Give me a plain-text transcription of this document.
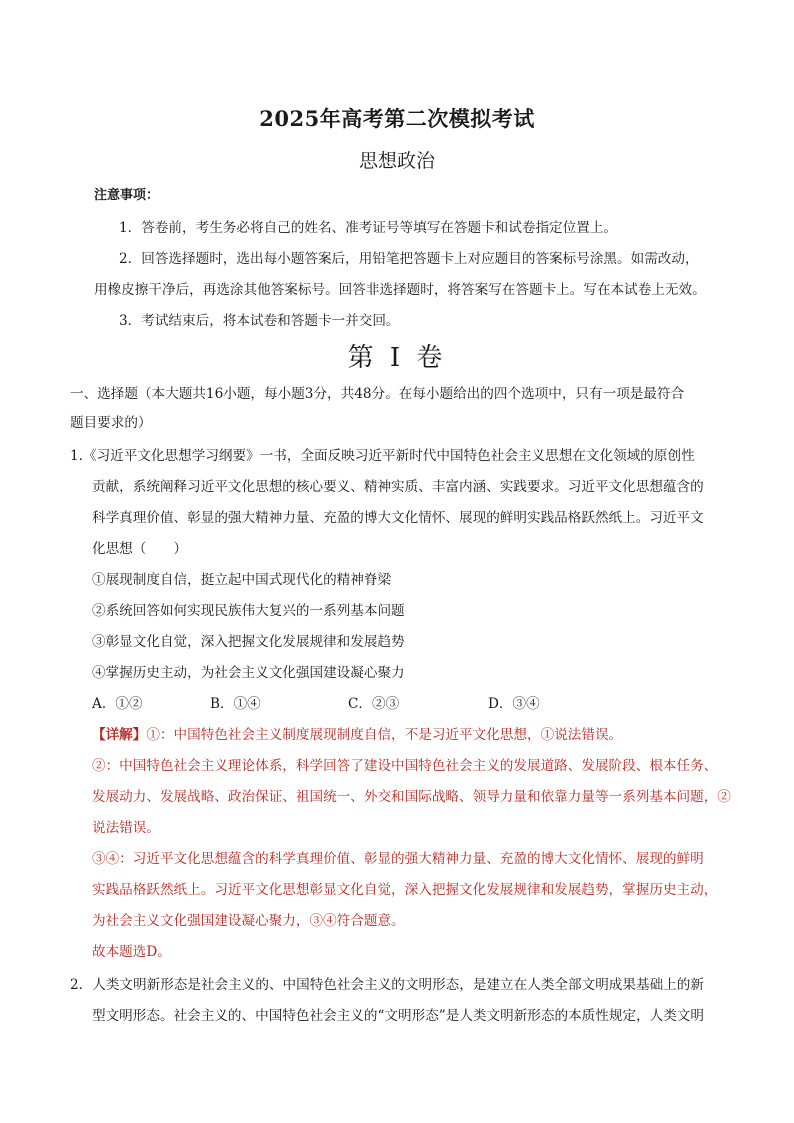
2025年高考第二次模拟考试
思想政治
注意事项：
1．答卷前，考生务必将自己的姓名、准考证号等填写在答题卡和试卷指定位置上。
2．回答选择题时，选出每小题答案后，用铅笔把答题卡上对应题目的答案标号涂黑。如需改动，
用橡皮擦干净后，再选涂其他答案标号。回答非选择题时，将答案写在答题卡上。写在本试卷上无效。
3．考试结束后，将本试卷和答题卡一并交回。
第 I 卷
一、选择题（本大题共16小题，每小题3分，共48分。在每小题给出的四个选项中，只有一项是最符合
题目要求的）
1.《习近平文化思想学习纲要》一书，全面反映习近平新时代中国特色社会主义思想在文化领域的原创性
贡献，系统阐释习近平文化思想的核心要义、精神实质、丰富内涵、实践要求。习近平文化思想蕴含的
科学真理价值、彰显的强大精神力量、充盈的博大文化情怀、展现的鲜明实践品格跃然纸上。习近平文
化思想（　　）
①展现制度自信，挺立起中国式现代化的精神脊梁
②系统回答如何实现民族伟大复兴的一系列基本问题
③彰显文化自觉，深入把握文化发展规律和发展趋势
④掌握历史主动，为社会主义文化强国建设凝心聚力
A．①②	B．①④	C．②③	D．③④
【详解】①：中国特色社会主义制度展现制度自信，不是习近平文化思想，①说法错误。
②：中国特色社会主义理论体系，科学回答了建设中国特色社会主义的发展道路、发展阶段、根本任务、
发展动力、发展战略、政治保证、祖国统一、外交和国际战略、领导力量和依靠力量等一系列基本问题，②
说法错误。
③④：习近平文化思想蕴含的科学真理价值、彰显的强大精神力量、充盈的博大文化情怀、展现的鲜明
实践品格跃然纸上。习近平文化思想彰显文化自觉，深入把握文化发展规律和发展趋势，掌握历史主动，
为社会主义文化强国建设凝心聚力，③④符合题意。
故本题选D。
2．人类文明新形态是社会主义的、中国特色社会主义的文明形态，是建立在人类全部文明成果基础上的新
型文明形态。社会主义的、中国特色社会主义的“文明形态”是人类文明新形态的本质性规定，人类文明
